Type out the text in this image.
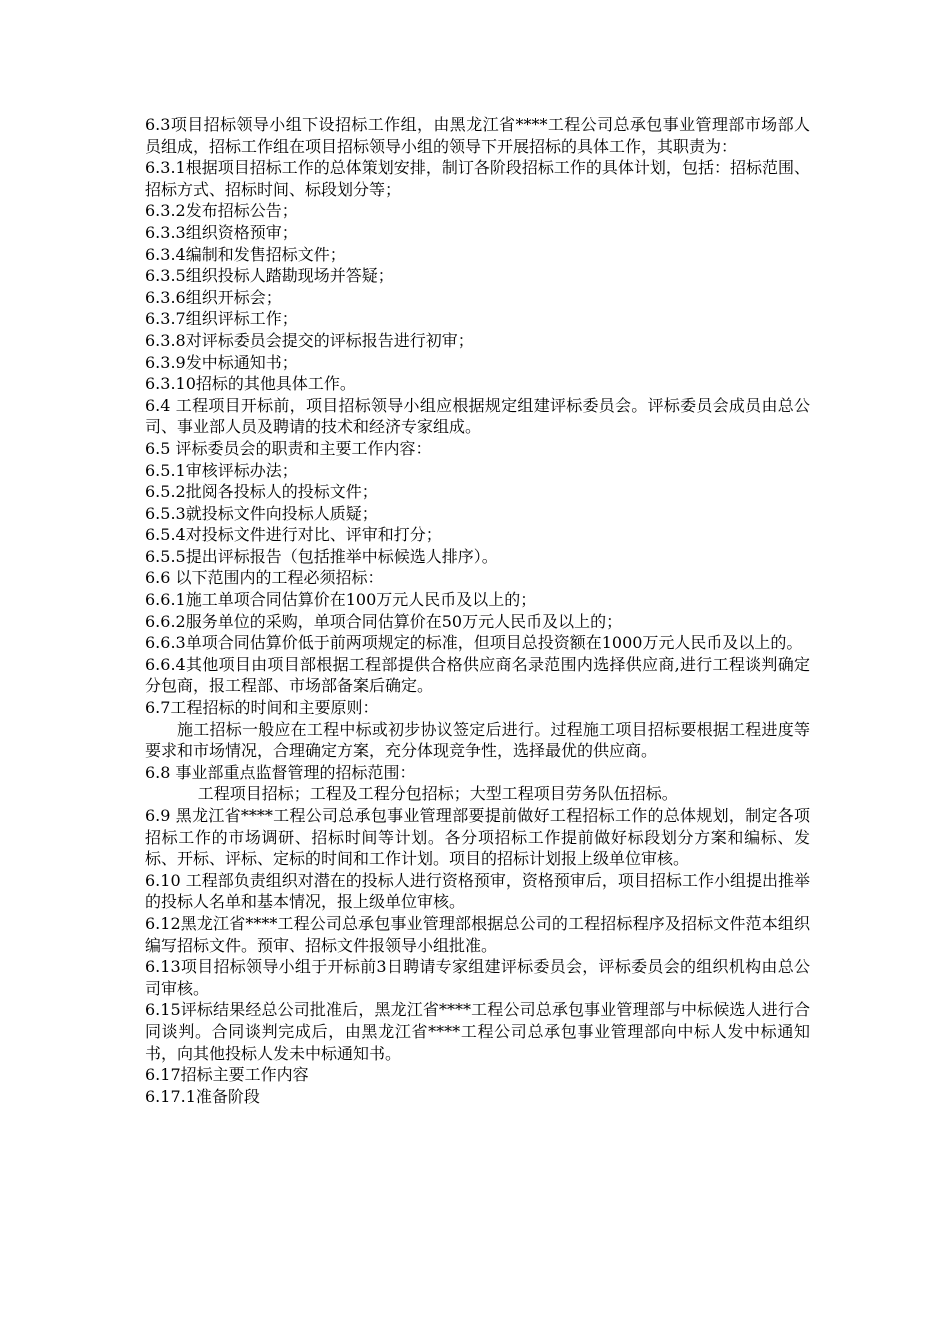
6.3项目招标领导小组下设招标工作组，由黑龙江省****工程公司总承包事业管理部市场部人员组成，招标工作组在项目招标领导小组的领导下开展招标的具体工作，其职责为：

6.3.1根据项目招标工作的总体策划安排，制订各阶段招标工作的具体计划，包括：招标范围、招标方式、招标时间、标段划分等；

6.3.2发布招标公告；

6.3.3组织资格预审；

6.3.4编制和发售招标文件；

6.3.5组织投标人踏勘现场并答疑；

6.3.6组织开标会；

6.3.7组织评标工作；

6.3.8对评标委员会提交的评标报告进行初审；

6.3.9发中标通知书；

6.3.10招标的其他具体工作。

6.4 工程项目开标前，项目招标领导小组应根据规定组建评标委员会。评标委员会成员由总公司、事业部人员及聘请的技术和经济专家组成。

6.5 评标委员会的职责和主要工作内容：

6.5.1审核评标办法；

6.5.2批阅各投标人的投标文件；

6.5.3就投标文件向投标人质疑；

6.5.4对投标文件进行对比、评审和打分；

6.5.5提出评标报告（包括推举中标候选人排序）。

6.6 以下范围内的工程必须招标：

6.6.1施工单项合同估算价在100万元人民币及以上的；

6.6.2服务单位的采购，单项合同估算价在50万元人民币及以上的；

6.6.3单项合同估算价低于前两项规定的标准，但项目总投资额在1000万元人民币及以上的。

6.6.4其他项目由项目部根据工程部提供合格供应商名录范围内选择供应商,进行工程谈判确定分包商，报工程部、市场部备案后确定。

6.7工程招标的时间和主要原则：

施工招标一般应在工程中标或初步协议签定后进行。过程施工项目招标要根据工程进度等要求和市场情况，合理确定方案，充分体现竞争性，选择最优的供应商。

6.8 事业部重点监督管理的招标范围：

工程项目招标；工程及工程分包招标；大型工程项目劳务队伍招标。

6.9 黑龙江省****工程公司总承包事业管理部要提前做好工程招标工作的总体规划，制定各项招标工作的市场调研、招标时间等计划。各分项招标工作提前做好标段划分方案和编标、发标、开标、评标、定标的时间和工作计划。项目的招标计划报上级单位审核。

6.10 工程部负责组织对潜在的投标人进行资格预审，资格预审后，项目招标工作小组提出推举的投标人名单和基本情况，报上级单位审核。

6.12黑龙江省****工程公司总承包事业管理部根据总公司的工程招标程序及招标文件范本组织编写招标文件。预审、招标文件报领导小组批准。

6.13项目招标领导小组于开标前3日聘请专家组建评标委员会，评标委员会的组织机构由总公司审核。

6.15评标结果经总公司批准后，黑龙江省****工程公司总承包事业管理部与中标候选人进行合同谈判。合同谈判完成后，由黑龙江省****工程公司总承包事业管理部向中标人发中标通知书，向其他投标人发未中标通知书。

6.17招标主要工作内容

6.17.1准备阶段
